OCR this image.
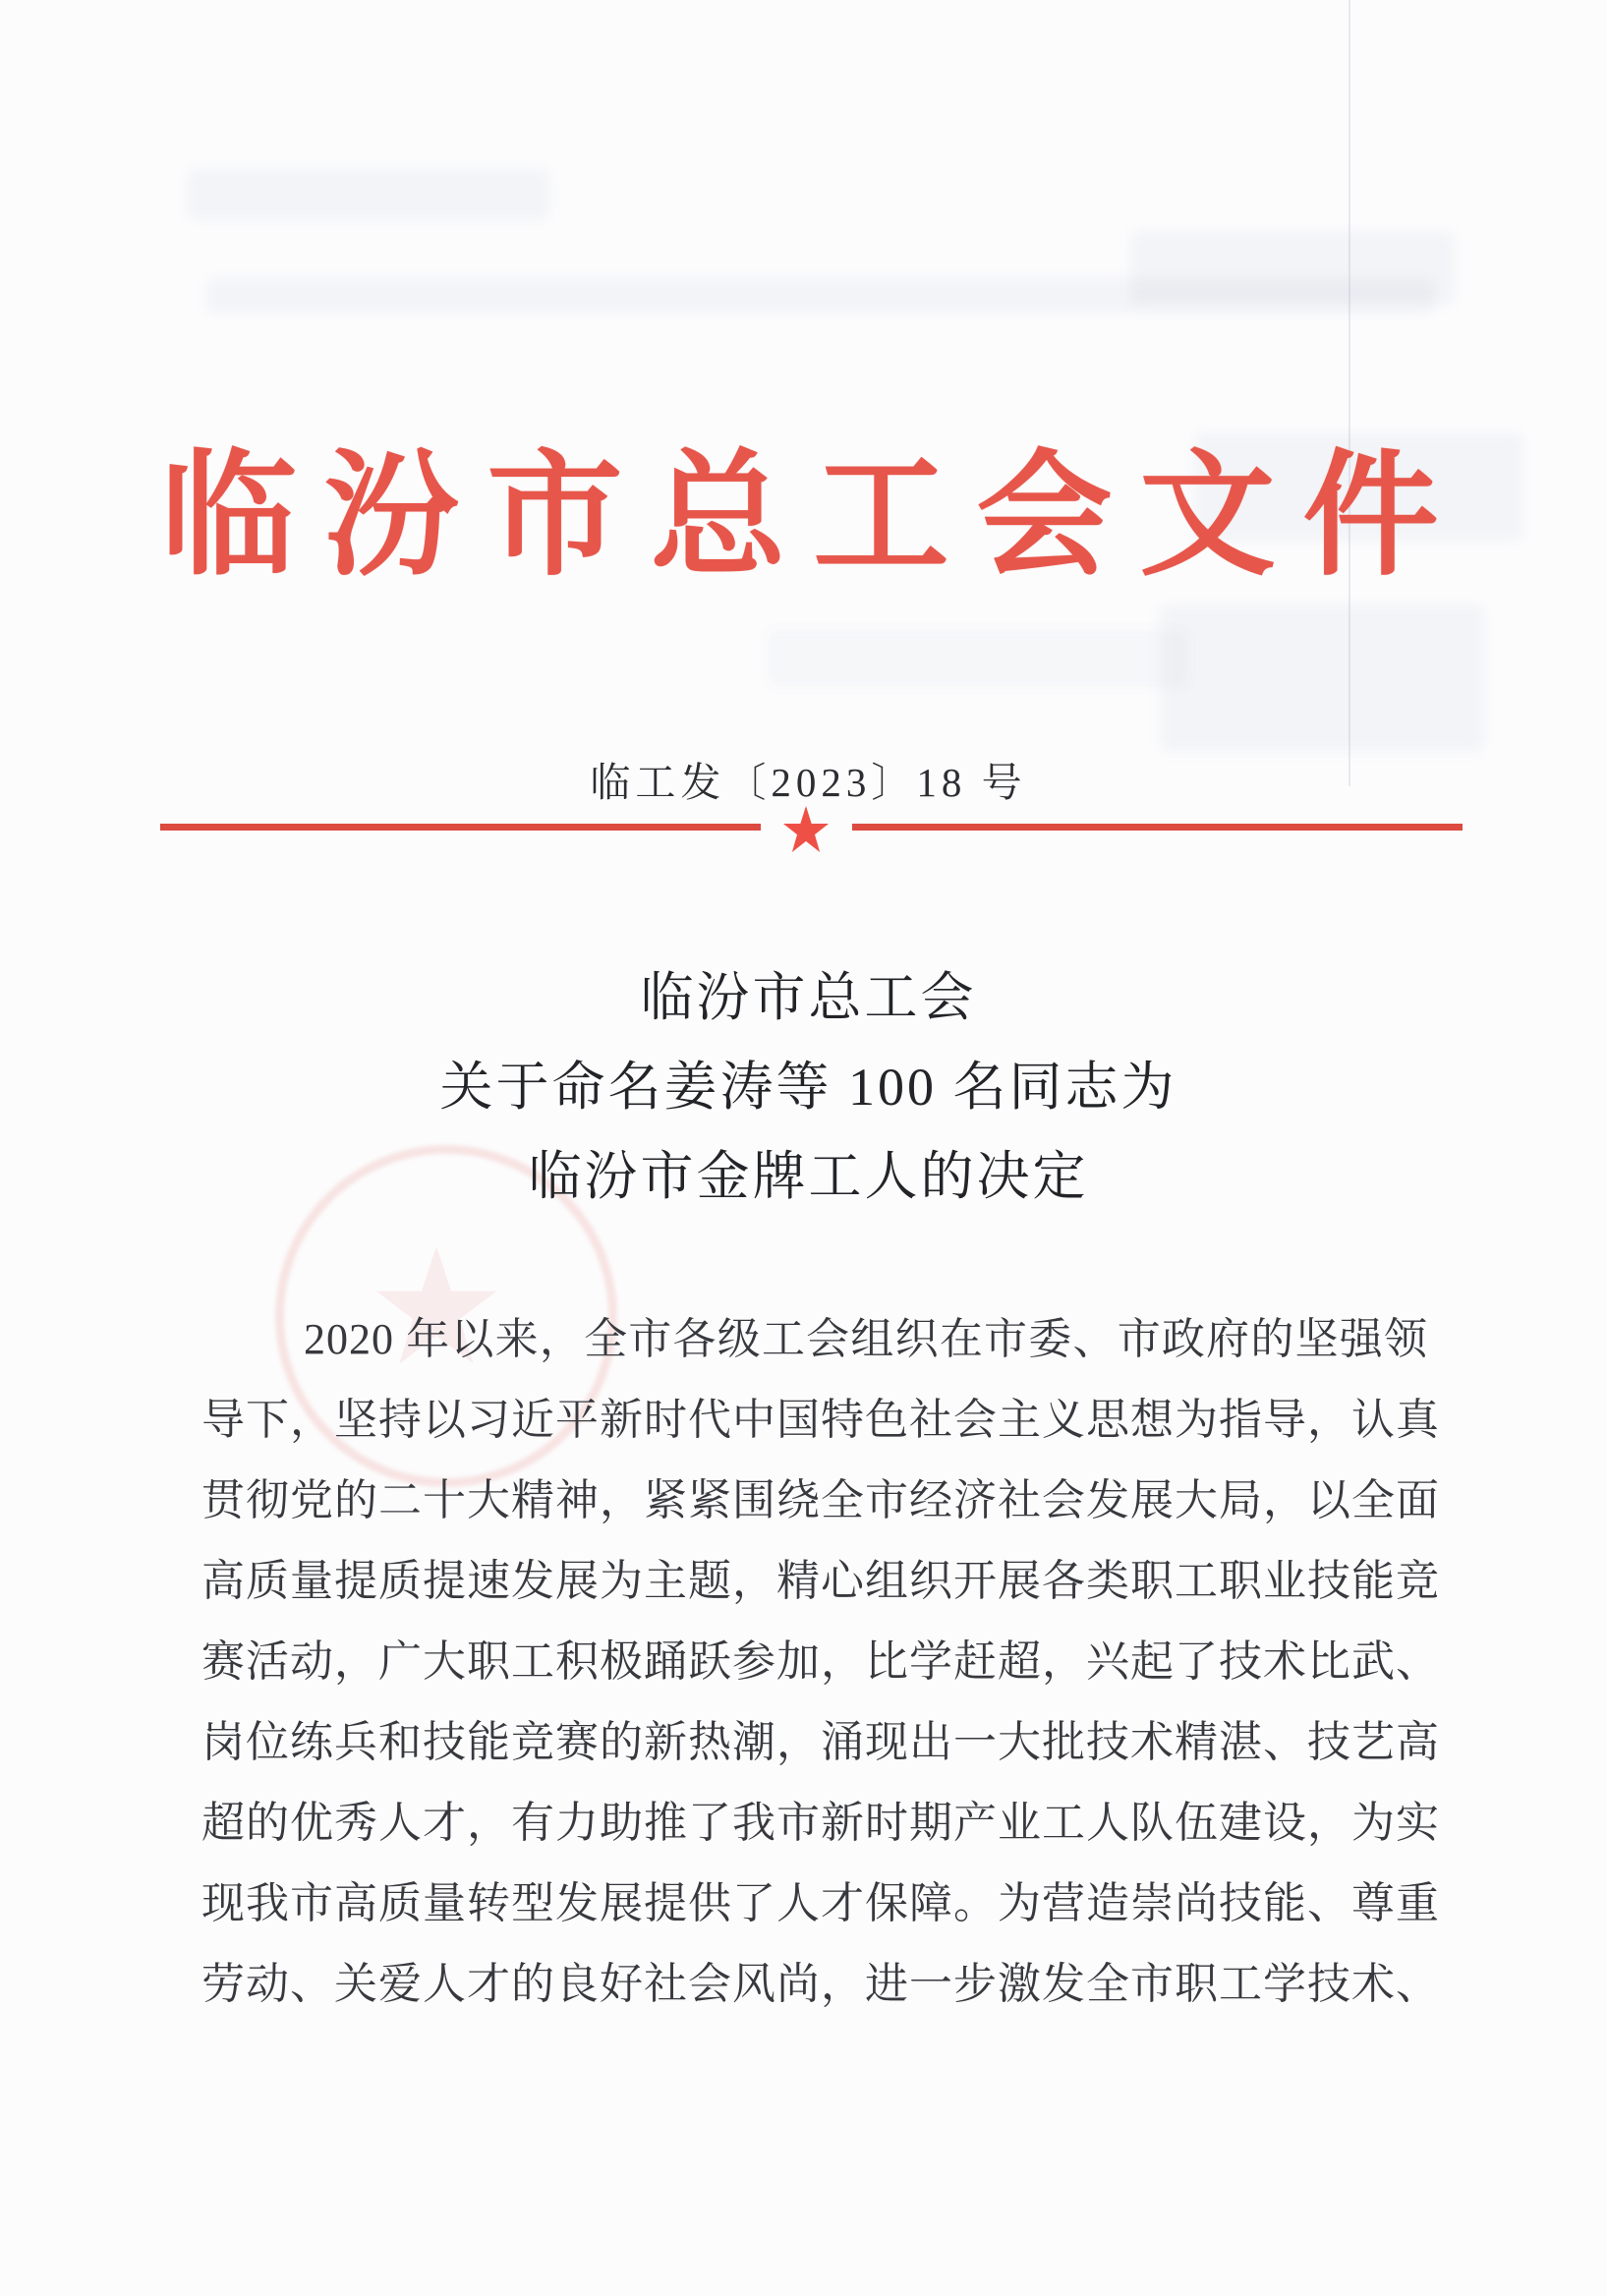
临汾市总工会文件
临工发〔2023〕18 号
临汾市总工会
关于命名姜涛等 100 名同志为
临汾市金牌工人的决定
2020 年以来，全市各级工会组织在市委、市政府的坚强领
导下，坚持以习近平新时代中国特色社会主义思想为指导，认真
贯彻党的二十大精神，紧紧围绕全市经济社会发展大局，以全面
高质量提质提速发展为主题，精心组织开展各类职工职业技能竞
赛活动，广大职工积极踊跃参加，比学赶超，兴起了技术比武、
岗位练兵和技能竞赛的新热潮，涌现出一大批技术精湛、技艺高
超的优秀人才，有力助推了我市新时期产业工人队伍建设，为实
现我市高质量转型发展提供了人才保障。为营造崇尚技能、尊重
劳动、关爱人才的良好社会风尚，进一步激发全市职工学技术、
